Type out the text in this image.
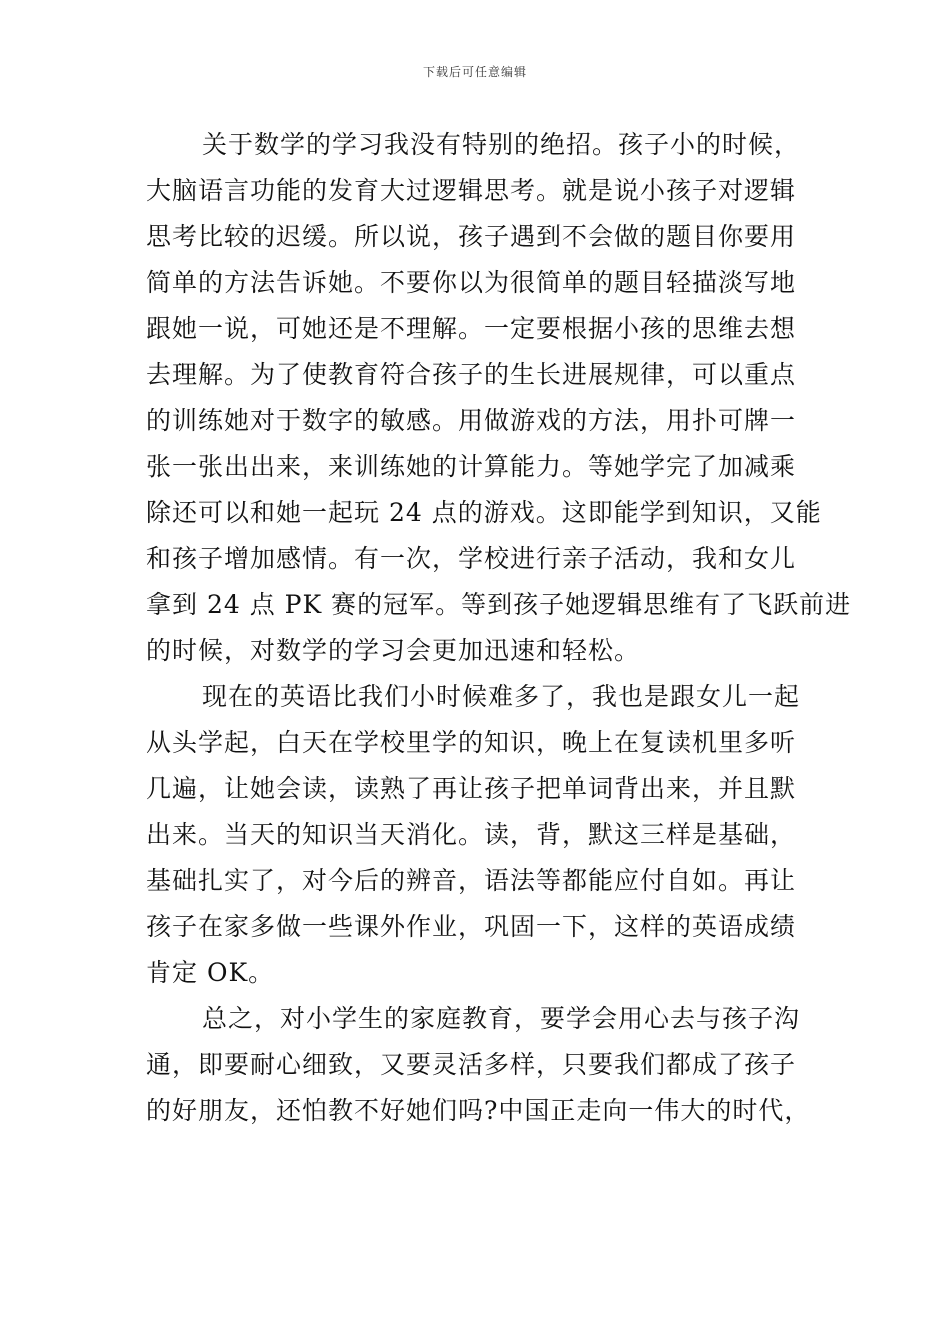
下载后可任意编辑

关于数学的学习我没有特别的绝招。孩子小的时候，
大脑语言功能的发育大过逻辑思考。就是说小孩子对逻辑
思考比较的迟缓。所以说，孩子遇到不会做的题目你要用
简单的方法告诉她。不要你以为很简单的题目轻描淡写地
跟她一说，可她还是不理解。一定要根据小孩的思维去想
去理解。为了使教育符合孩子的生长进展规律，可以重点
的训练她对于数字的敏感。用做游戏的方法，用扑可牌一
张一张出出来，来训练她的计算能力。等她学完了加减乘
除还可以和她一起玩 24 点的游戏。这即能学到知识，又能
和孩子增加感情。有一次，学校进行亲子活动，我和女儿
拿到 24 点 PK 赛的冠军。等到孩子她逻辑思维有了飞跃前进
的时候，对数学的学习会更加迅速和轻松。

现在的英语比我们小时候难多了，我也是跟女儿一起
从头学起，白天在学校里学的知识，晚上在复读机里多听
几遍，让她会读，读熟了再让孩子把单词背出来，并且默
出来。当天的知识当天消化。读，背，默这三样是基础，
基础扎实了，对今后的辨音，语法等都能应付自如。再让
孩子在家多做一些课外作业，巩固一下，这样的英语成绩
肯定 OK。

总之，对小学生的家庭教育，要学会用心去与孩子沟
通，即要耐心细致，又要灵活多样，只要我们都成了孩子
的好朋友，还怕教不好她们吗?中国正走向一伟大的时代，
